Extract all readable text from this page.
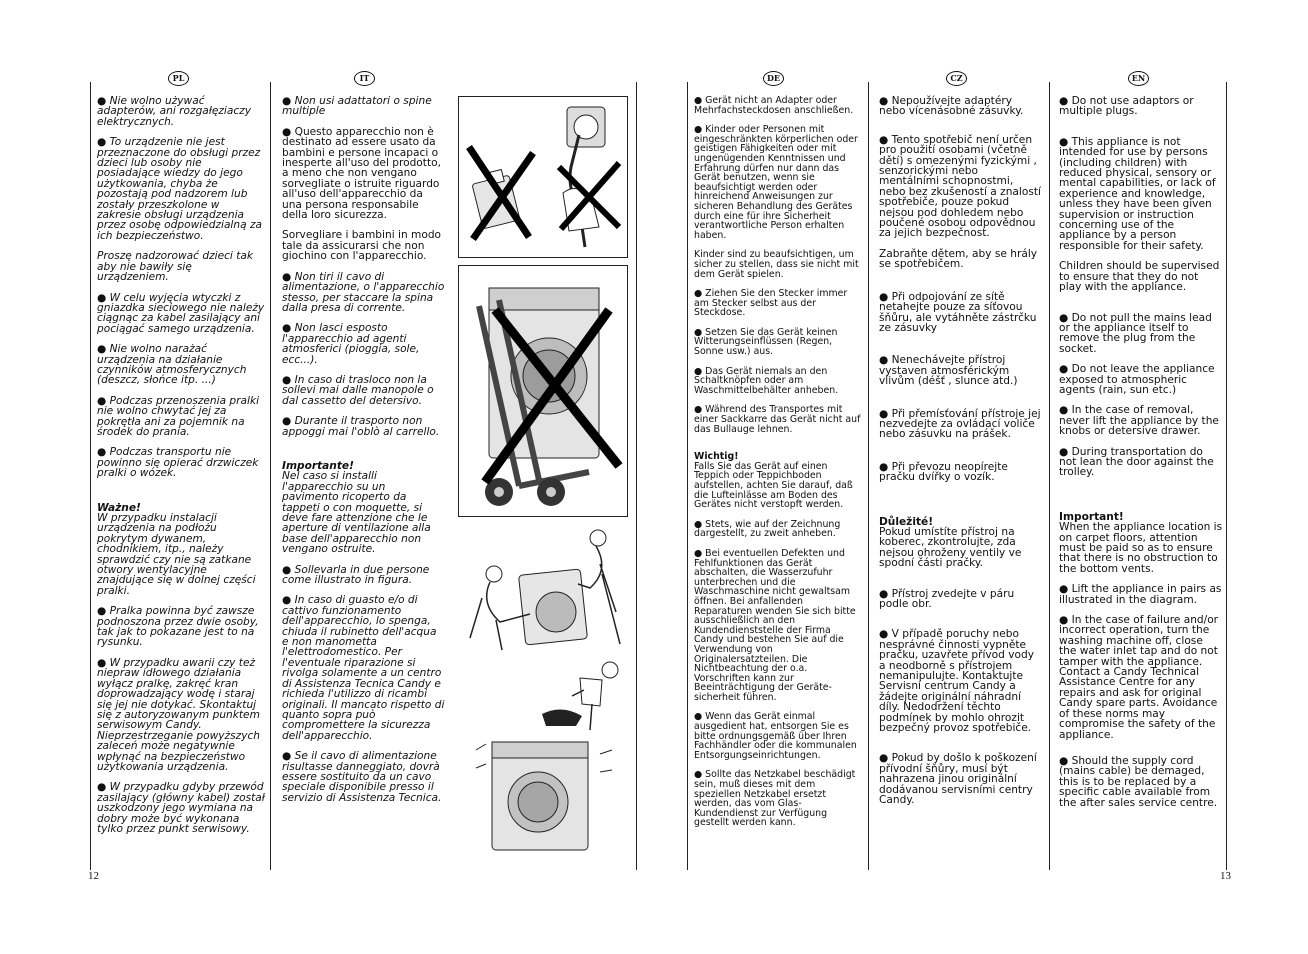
PL	IT	DE	CZ	EN

● Nie wolno używać adapterów, ani rozgałęziaczy elektrycznych.

● To urządzenie nie jest przeznaczone do obsługi przez dzieci lub osoby nie posiadające wiedzy do jego użytkowania, chyba że pozostają pod nadzorem lub zostały przeszkolone w zakresie obsługi urządzenia przez osobę odpowiedzialną za ich bezpieczeństwo.

Proszę nadzorować dzieci tak aby nie bawiły się urządzeniem.

● W celu wyjęcia wtyczki z gniazdka sieciowego nie należy ciągnąc za kabel zasilający ani pociągać samego urządzenia.

● Nie wolno narażać urządzenia na działanie czynników atmosferycznych (deszcz, słońce itp. ...)

● Podczas przenoszenia pralki nie wolno chwytać jej za pokrętła ani za pojemnik na środek do prania.

● Podczas transportu nie powinno się opierać drzwiczek pralki o wózek.

Ważne!

W przypadku instalacji urządzenia na podłożu pokrytym dywanem, chodnikiem, itp., należy sprawdzić czy nie są zatkane otwory wentylacyjne znajdujące się w dolnej części pralki.

● Pralka powinna być zawsze podnoszona przez dwie osoby, tak jak to pokazane jest to na rysunku.

● W przypadku awarii czy też niepraw idłowego działania wyłącz pralkę, zakręć kran doprowadzający wodę i staraj się jej nie dotykać. Skontaktuj się z autoryzowanym punktem serwisowym Candy. Nieprzestrzeganie powyższych zaleceń może negatywnie wpłynąć na bezpieczeństwo użytkowania urządzenia.

● W przypadku gdyby przewód zasilający (główny kabel) został uszkodzony jego wymiana na dobry może być wykonana tylko przez punkt serwisowy.

● Non usi adattatori o spine multiple

● Questo apparecchio non è destinato ad essere usato da bambini e persone incapaci o inesperte all'uso del prodotto, a meno che non vengano sorvegliate o istruite riguardo all'uso dell'apparecchio da una persona responsabile della loro sicurezza.

Sorvegliare i bambini in modo tale da assicurarsi che non giochino con l'apparecchio.

● Non tiri il cavo di alimentazione, o l'apparecchio stesso, per staccare la spina dalla presa di corrente.

● Non lasci esposto l'apparecchio ad agenti atmosferici (pioggia, sole, ecc...).

● In caso di trasloco non la sollevi mai dalle manopole o dal cassetto del detersivo.

● Durante il trasporto non appoggi mai l'oblò al carrello.

Importante!

Nel caso si installi l'apparecchio su un pavimento ricoperto da tappeti o con moquette, si deve fare attenzione che le aperture di ventilazione alla base dell'apparecchio non vengano ostruite.

● Sollevarla in due persone come illustrato in figura.

● In caso di guasto e/o di cattivo funzionamento dell'apparecchio, lo spenga, chiuda il rubinetto dell'acqua e non manometta l'elettrodomestico. Per l'eventuale riparazione si rivolga solamente a un centro di Assistenza Tecnica Candy e richieda l'utilizzo di ricambi originali. Il mancato rispetto di quanto sopra può compromettere la sicurezza dell'apparecchio.

● Se il cavo di alimentazione risultasse danneggiato, dovrà essere sostituito da un cavo speciale disponibile presso il servizio di Assistenza Tecnica.

● Gerät nicht an Adapter oder Mehrfachsteckdosen anschließen.

● Kinder oder Personen mit eingeschränkten körperlichen oder geistigen Fähigkeiten oder mit ungenügenden Kenntnissen und Erfahrung dürfen nur dann das Gerät benutzen, wenn sie beaufsichtigt werden oder hinreichend Anweisungen zur sicheren Behandlung des Gerätes durch eine für ihre Sicherheit verantwortliche Person erhalten haben.

Kinder sind zu beaufsichtigen, um sicher zu stellen, dass sie nicht mit dem Gerät spielen.

● Ziehen Sie den Stecker immer am Stecker selbst aus der Steckdose.

● Setzen Sie das Gerät keinen Witterungseinflüssen (Regen, Sonne usw.) aus.

● Das Gerät niemals an den Schaltknöpfen oder am Waschmittelbehälter anheben.

● Während des Transportes mit einer Sackkarre das Gerät nicht auf das Bullauge lehnen.

Wichtig!

Falls Sie das Gerät auf einen Teppich oder Teppichboden aufstellen, achten Sie darauf, daß die Lufteinlässe am Boden des Gerätes nicht verstopft werden.

● Stets, wie auf der Zeichnung dargestellt, zu zweit anheben.

● Bei eventuellen Defekten und Fehlfunktionen das Gerät abschalten, die Wasserzufuhr unterbrechen und die Waschmaschine nicht gewaltsam öffnen. Bei anfallenden Reparaturen wenden Sie sich bitte ausschließlich an den Kundendienststelle der Firma Candy und bestehen Sie auf die Verwendung von Originalersatzteilen. Die Nichtbeachtung der o.a. Vorschriften kann zur Beeinträchtigung der Geräte-sicherheit führen.

● Wenn das Gerät einmal ausgedient hat, entsorgen Sie es bitte ordnungsgemäß über Ihren Fachhändler oder die kommunalen Entsorgungseinrichtungen.

● Sollte das Netzkabel beschädigt sein, muß dieses mit dem speziellen Netzkabel ersetzt werden, das vom Glas-Kundendienst zur Verfügung gestellt werden kann.

● Nepoužívejte adaptéry nebo vícenásobné zásuvky.

● Tento spotřebič není určen pro použití osobami (včetně dětí) s omezenými fyzickými , senzorickými nebo mentálními schopnostmi, nebo bez zkušeností a znalostí spotřebiče, pouze pokud nejsou pod dohledem nebo poučené osobou odpovědnou za jejich bezpečnost.

Zabraňte dětem, aby se hrály se spotřebičem.

● Při odpojování ze sítě netahejte pouze za síťovou šňůru, ale vytáhněte zástrčku ze zásuvky

● Nenechávejte přístroj vystaven atmosférickým vlivům (déšť , slunce atd.)

● Při přemísťování přístroje jej nezvedejte za ovládací voliče nebo zásuvku na prášek.

● Při převozu neopírejte pračku dvířky o vozík.

Důležité!

Pokud umístíte přístroj na koberec, zkontrolujte, zda nejsou ohroženy ventily ve spodní části pračky.

● Přístroj zvedejte v páru podle obr.

● V případě poruchy nebo nesprávné činnosti vypněte pračku, uzavřete přívod vody a neodborně s přístrojem nemanipulujte. Kontaktujte Servisní centrum Candy a žádejte originální náhradní díly. Nedodržení těchto podmínek by mohlo ohrozit bezpečný provoz spotřebiče.

● Pokud by došlo k poškození přívodní šňůry, musí být nahrazena jinou originální dodávanou servisními centry Candy.

● Do not use adaptors or multiple plugs.

● This appliance is not intended for use by persons (including children) with reduced physical, sensory or mental capabilities, or lack of experience and knowledge, unless they have been given supervision or instruction concerning use of the appliance by a person responsible for their safety.

Children should be supervised to ensure that they do not play with the appliance.

● Do not pull the mains lead or the appliance itself to remove the plug from the socket.

● Do not leave the appliance exposed to atmospheric agents (rain, sun etc.)

● In the case of removal, never lift the appliance by the knobs or detersive drawer.

● During transportation do not lean the door against the trolley.

Important!

When the appliance location is on carpet floors, attention must be paid so as to ensure that there is no obstruction to the bottom vents.

● Lift the appliance in pairs as illustrated in the diagram.

● In the case of failure and/or incorrect operation, turn the washing machine off, close the water inlet tap and do not tamper with the appliance. Contact a Candy Technical Assistance Centre for any repairs and ask for original Candy spare parts. Avoidance of these norms may compromise the safety of the appliance.

● Should the supply cord (mains cable) be demaged, this is to be replaced by a specific cable available from the after sales service centre.

12	13
